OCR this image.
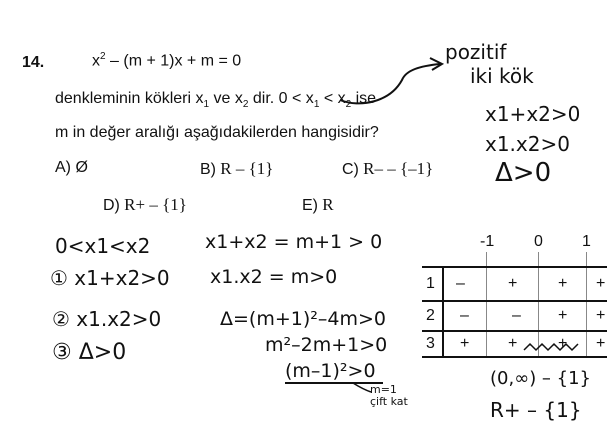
14.	$x^2 - (m + 1)x + m = 0$
denkleminin kökleri $x_1$ ve $x_2$ dir. $0 < x_1 < x_2$ ise
m in değer aralığı aşağıdakilerden hangisidir?
A) Ø	B) R – {1}	C) R– – {–1}
D) R+ – {1}	E) R
pozitif
iki kök
x1+x2>0
x1.x2>0
Δ>0
0<x1<x2
① x1+x2>0
② x1.x2>0
③ Δ>0
x1+x2 = m+1 > 0
x1.x2 = m>0
Δ=(m+1)²–4m>0
m²–2m+1>0
(m–1)²>0
m=1
çift kat
-1 0 1
1 –	+	+ +
2 –	– + +
3 + +	+ +
(0,∞) – {1}
R+ – {1}
